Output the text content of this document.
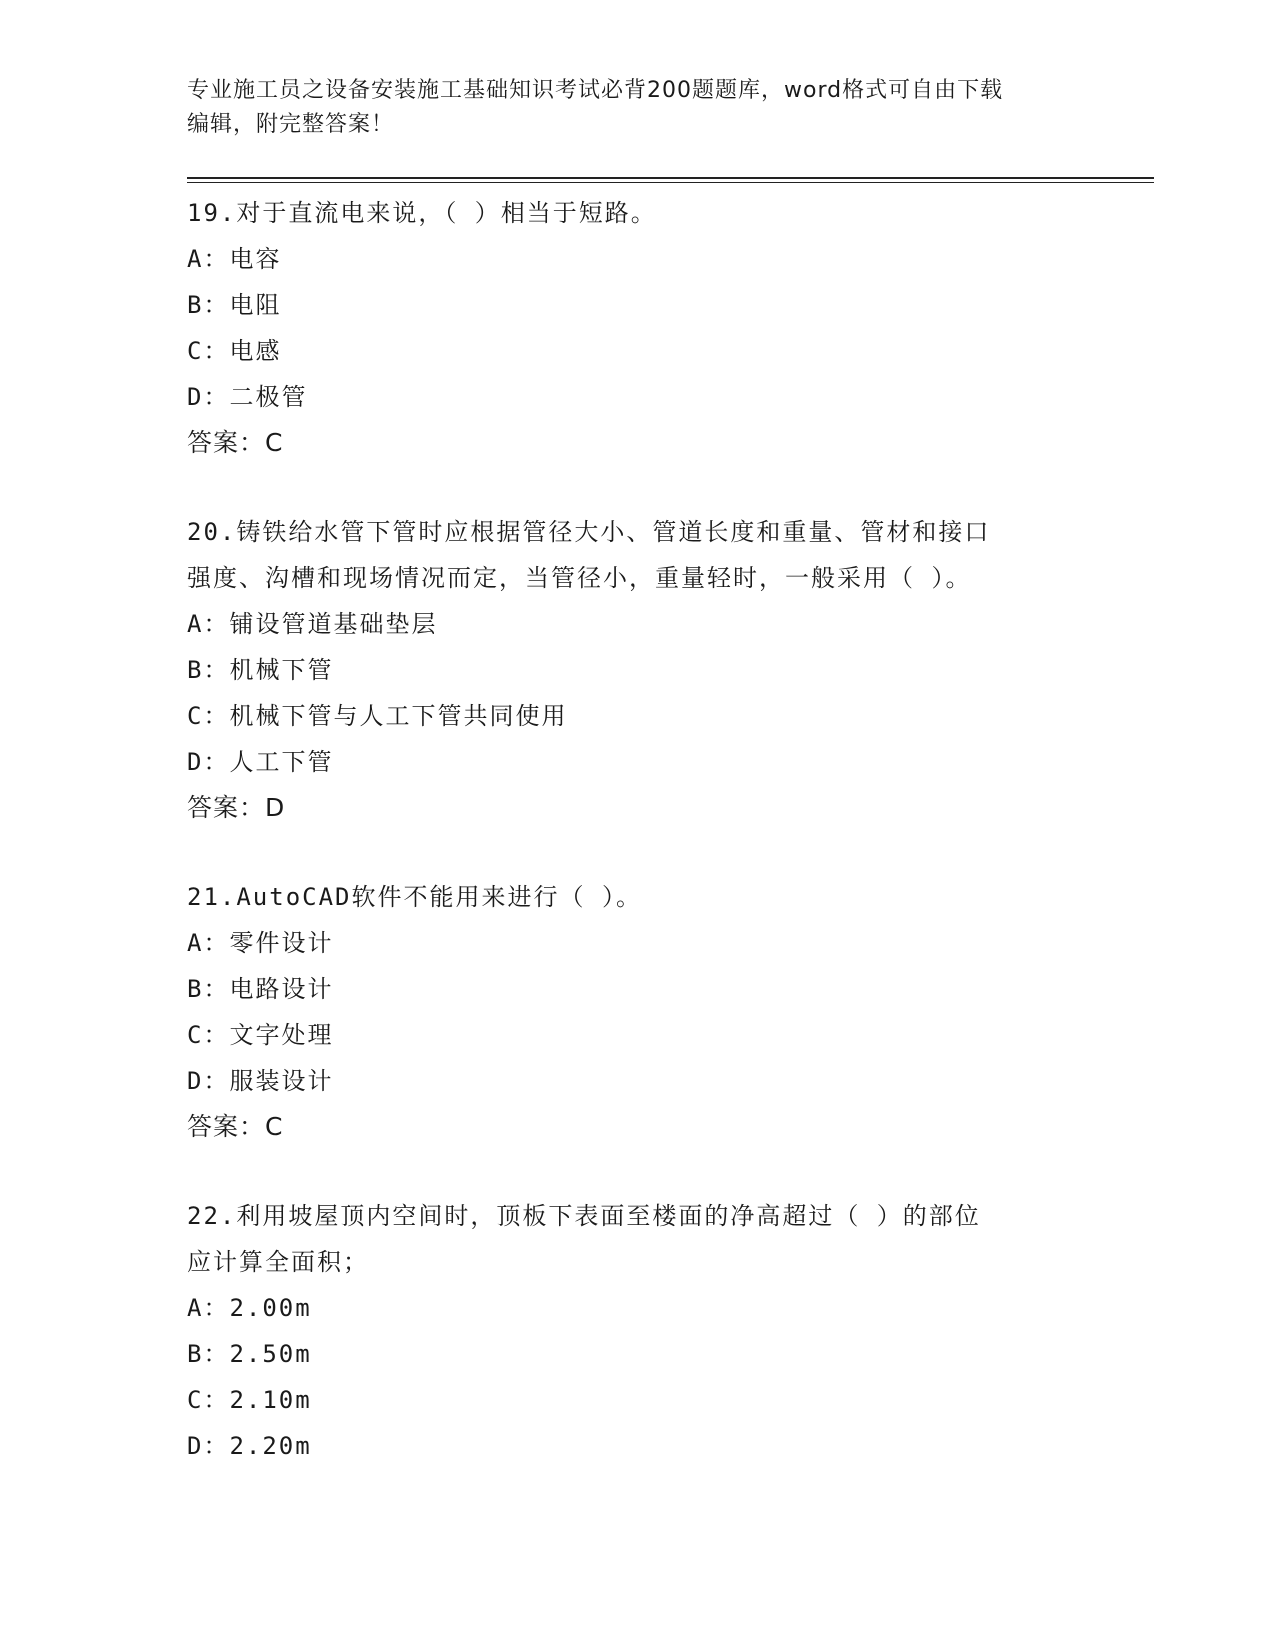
专业施工员之设备安装施工基础知识考试必背200题题库，word格式可自由下载
编辑，附完整答案！
19.对于直流电来说，（ ）相当于短路。
A：电容
B：电阻
C：电感
D：二极管
答案：C
20.铸铁给水管下管时应根据管径大小、管道长度和重量、管材和接口
强度、沟槽和现场情况而定，当管径小，重量轻时，一般采用（ ）。
A：铺设管道基础垫层
B：机械下管
C：机械下管与人工下管共同使用
D：人工下管
答案：D
21.AutoCAD软件不能用来进行（ ）。
A：零件设计
B：电路设计
C：文字处理
D：服装设计
答案：C
22.利用坡屋顶内空间时，顶板下表面至楼面的净高超过（ ）的部位
应计算全面积；
A：2.00m
B：2.50m
C：2.10m
D：2.20m
